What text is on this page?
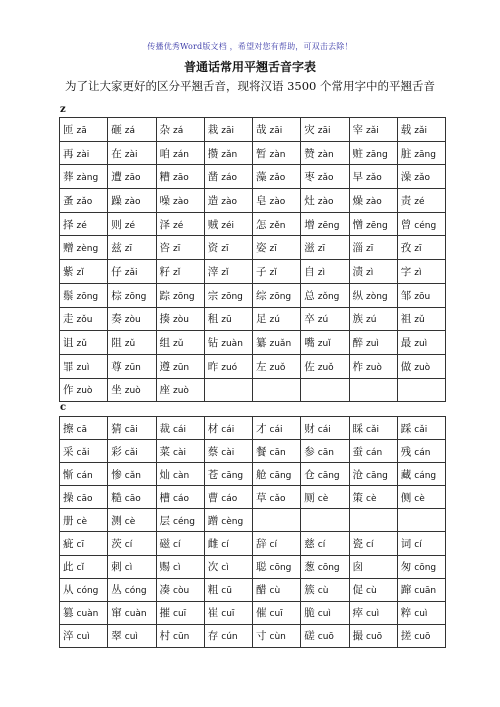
传播优秀Word版文档 ，希望对您有帮助，可双击去除！
普通话常用平翘舌音字表
为了让大家更好的区分平翘舌音，现将汉语 3500 个常用字中的平翘舌音
z
匝 zā	砸 zá	杂 zá	栽 zāi	哉 zāi	灾 zāi	宰 zǎi	载 zǎi
再 zài	在 zài	咱 zán	攒 zǎn	暂 zàn	赞 zàn	赃 zāng	脏 zāng
葬 zàng	遭 zāo	糟 zāo	凿 záo	藻 zǎo	枣 zǎo	早 zǎo	澡 zǎo
蚤 zǎo	躁 zào	噪 zào	造 zào	皂 zào	灶 zào	燥 zào	责 zé
择 zé	则 zé	泽 zé	贼 zéi	怎 zěn	增 zēng	憎 zēng	曾 céng
赠 zèng	兹 zī	咨 zī	资 zī	姿 zī	滋 zī	淄 zī	孜 zī
紫 zǐ	仔 zǎi	籽 zǐ	滓 zǐ	子 zǐ	自 zì	渍 zì	字 zì
鬃 zōng	棕 zōng	踪 zōng	宗 zōng	综 zōng	总 zǒng	纵 zòng	邹 zōu
走 zǒu	奏 zòu	揍 zòu	租 zū	足 zú	卒 zú	族 zú	祖 zǔ
诅 zǔ	阻 zǔ	组 zǔ	钻 zuàn	纂 zuǎn	嘴 zuǐ	醉 zuì	最 zuì
罪 zuì	尊 zūn	遵 zūn	昨 zuó	左 zuǒ	佐 zuǒ	柞 zuò	做 zuò
作 zuò	坐 zuò	座 zuò					
c
擦 cā	猜 cāi	裁 cái	材 cái	才 cái	财 cái	睬 cǎi	踩 cǎi
采 cǎi	彩 cǎi	菜 cài	蔡 cài	餐 cān	参 cān	蚕 cán	残 cán
惭 cán	惨 cǎn	灿 càn	苍 cāng	舱 cāng	仓 cāng	沧 cāng	藏 cáng
操 cāo	糙 cāo	槽 cáo	曹 cáo	草 cǎo	厕 cè	策 cè	侧 cè
册 cè	测 cè	层 céng	蹭 cèng				
疵 cī	茨 cí	磁 cí	雌 cí	辞 cí	慈 cí	瓷 cí	词 cí
此 cǐ	刺 cì	赐 cì	次 cì	聪 cōng	葱 cōng	囱	匆 cōng
从 cóng	丛 cóng	凑 còu	粗 cū	醋 cù	簇 cù	促 cù	蹿 cuān
篡 cuàn	窜 cuàn	摧 cuī	崔 cuī	催 cuī	脆 cuì	瘁 cuì	粹 cuì
淬 cuì	翠 cuì	村 cūn	存 cún	寸 cùn	磋 cuō	撮 cuō	搓 cuō
